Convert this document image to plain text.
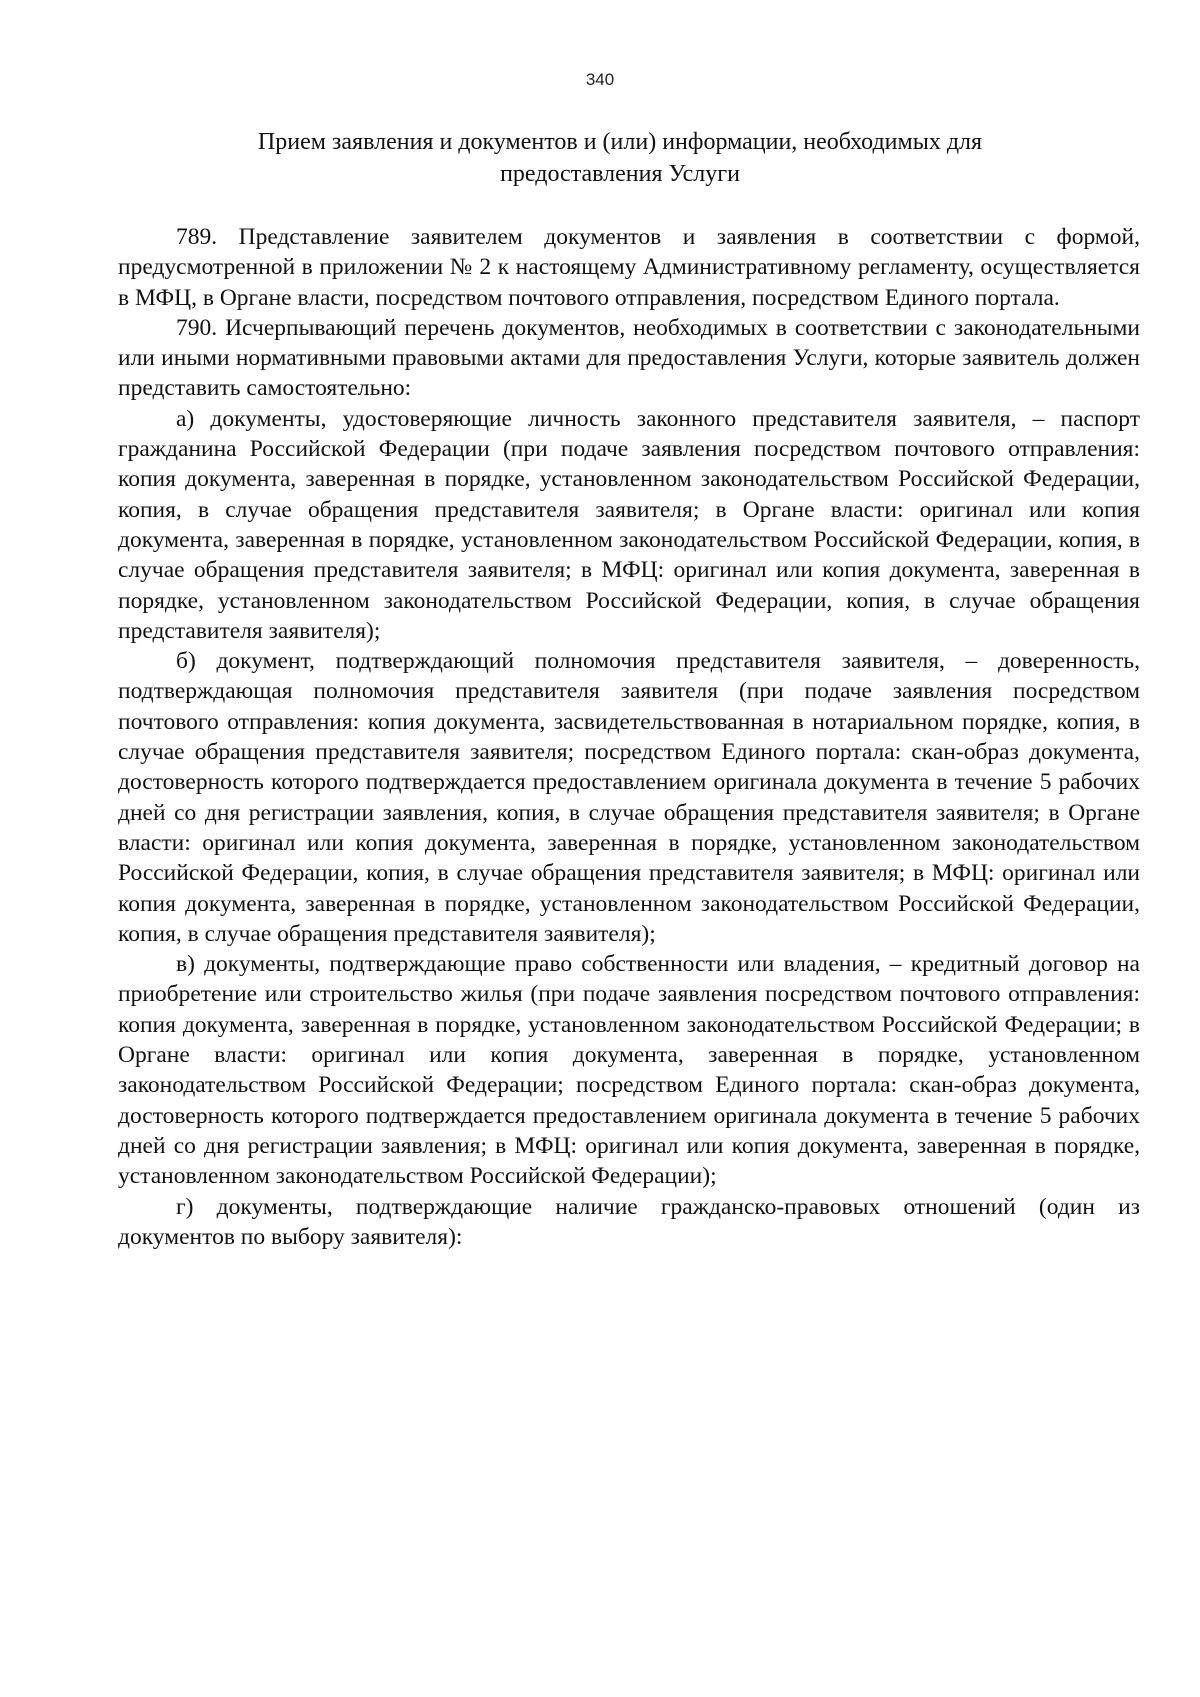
340
Прием заявления и документов и (или) информации, необходимых для
предоставления Услуги

789. Представление заявителем документов и заявления в соответствии с формой, предусмотренной в приложении № 2 к настоящему Административному регламенту, осуществляется в МФЦ, в Органе власти, посредством почтового отправления, посредством Единого портала.

790. Исчерпывающий перечень документов, необходимых в соответствии с законодательными или иными нормативными правовыми актами для предоставления Услуги, которые заявитель должен представить самостоятельно:

а) документы, удостоверяющие личность законного представителя заявителя, – паспорт гражданина Российской Федерации (при подаче заявления посредством почтового отправления: копия документа, заверенная в порядке, установленном законодательством Российской Федерации, копия, в случае обращения представителя заявителя; в Органе власти: оригинал или копия документа, заверенная в порядке, установленном законодательством Российской Федерации, копия, в случае обращения представителя заявителя; в МФЦ: оригинал или копия документа, заверенная в порядке, установленном законодательством Российской Федерации, копия, в случае обращения представителя заявителя);

б) документ, подтверждающий полномочия представителя заявителя, – доверенность, подтверждающая полномочия представителя заявителя (при подаче заявления посредством почтового отправления: копия документа, засвидетельствованная в нотариальном порядке, копия, в случае обращения представителя заявителя; посредством Единого портала: скан-образ документа, достоверность которого подтверждается предоставлением оригинала документа в течение 5 рабочих дней со дня регистрации заявления, копия, в случае обращения представителя заявителя; в Органе власти: оригинал или копия документа, заверенная в порядке, установленном законодательством Российской Федерации, копия, в случае обращения представителя заявителя; в МФЦ: оригинал или копия документа, заверенная в порядке, установленном законодательством Российской Федерации, копия, в случае обращения представителя заявителя);

в) документы, подтверждающие право собственности или владения, – кредитный договор на приобретение или строительство жилья (при подаче заявления посредством почтового отправления: копия документа, заверенная в порядке, установленном законодательством Российской Федерации; в Органе власти: оригинал или копия документа, заверенная в порядке, установленном законодательством Российской Федерации; посредством Единого портала: скан-образ документа, достоверность которого подтверждается предоставлением оригинала документа в течение 5 рабочих дней со дня регистрации заявления; в МФЦ: оригинал или копия документа, заверенная в порядке, установленном законодательством Российской Федерации);

г) документы, подтверждающие наличие гражданско-правовых отношений (один из документов по выбору заявителя):
